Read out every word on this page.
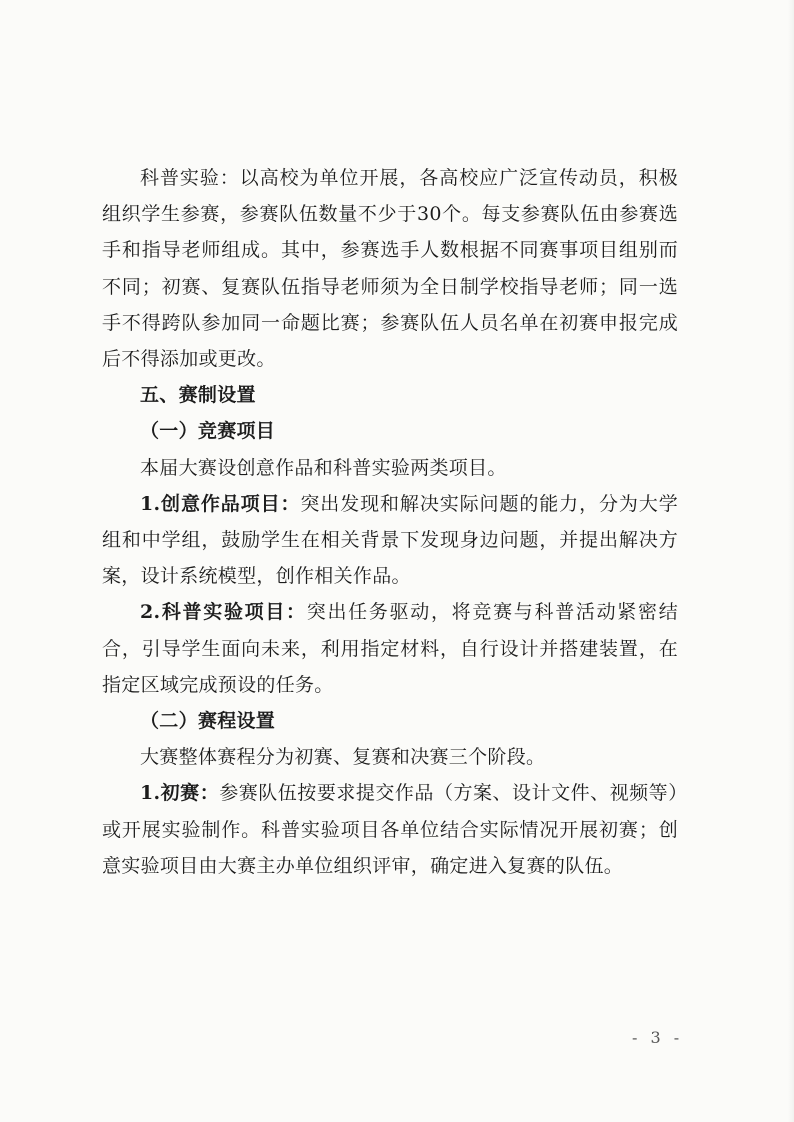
科普实验：以高校为单位开展，各高校应广泛宣传动员，积极组织学生参赛，参赛队伍数量不少于30个。每支参赛队伍由参赛选手和指导老师组成。其中，参赛选手人数根据不同赛事项目组别而不同；初赛、复赛队伍指导老师须为全日制学校指导老师；同一选手不得跨队参加同一命题比赛；参赛队伍人员名单在初赛申报完成后不得添加或更改。

五、赛制设置

（一）竞赛项目

本届大赛设创意作品和科普实验两类项目。

1.创意作品项目：突出发现和解决实际问题的能力，分为大学组和中学组，鼓励学生在相关背景下发现身边问题，并提出解决方案，设计系统模型，创作相关作品。

2.科普实验项目：突出任务驱动，将竞赛与科普活动紧密结合，引导学生面向未来，利用指定材料，自行设计并搭建装置，在指定区域完成预设的任务。

（二）赛程设置

大赛整体赛程分为初赛、复赛和决赛三个阶段。

1.初赛：参赛队伍按要求提交作品（方案、设计文件、视频等）或开展实验制作。科普实验项目各单位结合实际情况开展初赛；创意实验项目由大赛主办单位组织评审，确定进入复赛的队伍。

- 3 -
